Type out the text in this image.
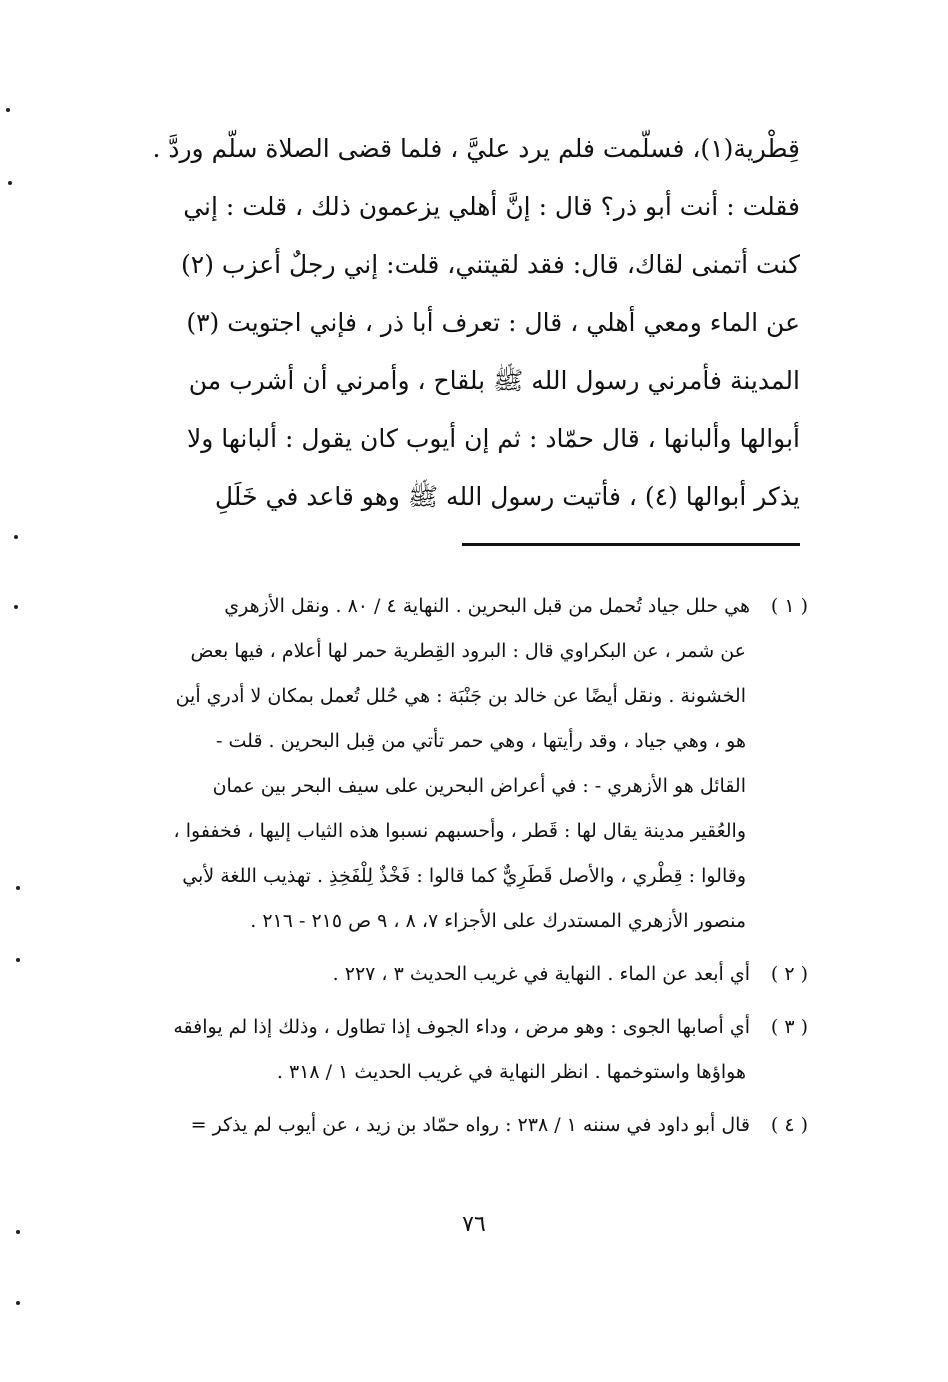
قِطْرية(١)، فسلّمت فلم يرد عليَّ ، فلما قضى الصلاة سلّم وردَّ .
فقلت : أنت أبو ذر؟ قال : إنَّ أهلي يزعمون ذلك ، قلت : إني
كنت أتمنى لقاك، قال: فقد لقيتني، قلت: إني رجلٌ أعزب (٢)
عن الماء ومعي أهلي ، قال : تعرف أبا ذر ، فإني اجتويت (٣)
المدينة فأمرني رسول الله ﷺ بلقاح ، وأمرني أن أشرب من
أبوالها وألبانها ، قال حمّاد : ثم إن أيوب كان يقول : ألبانها ولا
يذكر أبوالها (٤) ، فأتيت رسول الله ﷺ وهو قاعد في خَلَلِ
( ١ )هي حلل جياد تُحمل من قبل البحرين . النهاية ٤ / ٨٠ . ونقل الأزهري
عن شمر ، عن البكراوي قال : البرود القِطرية حمر لها أعلام ، فيها بعض
الخشونة . ونقل أيضًا عن خالد بن جَنْبَة : هي حُلل تُعمل بمكان لا أدري أين
هو ، وهي جياد ، وقد رأيتها ، وهي حمر تأتي من قِبل البحرين . قلت -
القائل هو الأزهري - : في أعراض البحرين على سيف البحر بين عمان
والعُقير مدينة يقال لها : قَطر ، وأحسبهم نسبوا هذه الثياب إليها ، فخففوا ،
وقالوا : قِطْري ، والأصل قَطَرِيٌّ كما قالوا : فَخْذٌ لِلْفَخِذِ . تهذيب اللغة لأبي
منصور الأزهري المستدرك على الأجزاء ٧، ٨ ، ٩ ص ٢١٥ - ٢١٦ .
( ٢ )أي أبعد عن الماء . النهاية في غريب الحديث ٣ ، ٢٢٧ .
( ٣ )أي أصابها الجوى : وهو مرض ، وداء الجوف إذا تطاول ، وذلك إذا لم يوافقه
هواؤها واستوخمها . انظر النهاية في غريب الحديث ١ / ٣١٨ .
( ٤ )قال أبو داود في سننه ١ / ٢٣٨ : رواه حمّاد بن زيد ، عن أيوب لم يذكر =
٧٦
